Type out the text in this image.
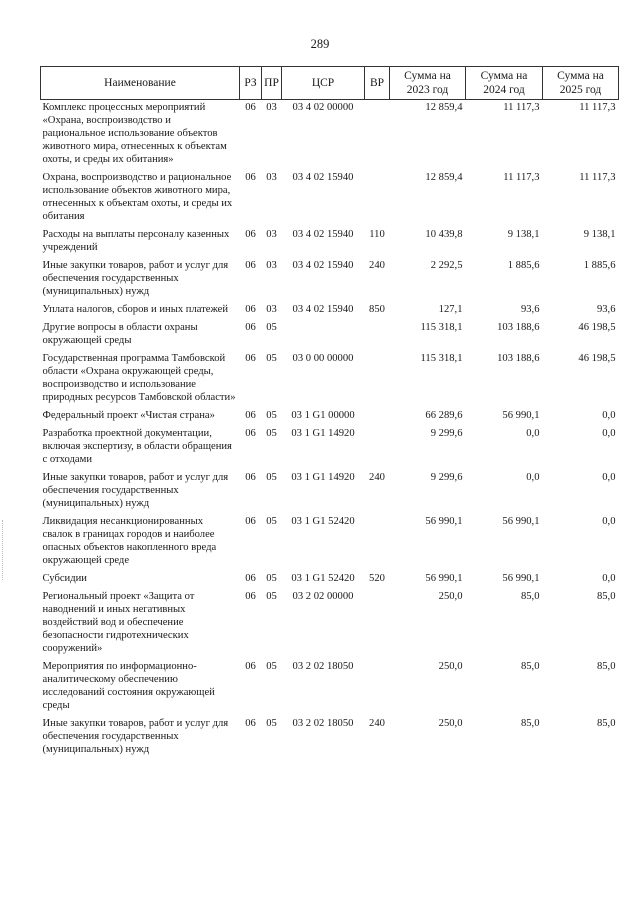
289
Наименование	РЗ	ПР	ЦСР	ВР	Сумма на 2023 год	Сумма на 2024 год	Сумма на 2025 год
Комплекс процессных мероприятий «Охрана, воспроизводство и рациональное использование объектов животного мира, отнесенных к объектам охоты, и среды их обитания»	06	03	03 4 02 00000		12 859,4	11 117,3	11 117,3
Охрана, воспроизводство и рациональное использование объектов животного мира, отнесенных к объектам охоты, и среды их обитания	06	03	03 4 02 15940		12 859,4	11 117,3	11 117,3
Расходы на выплаты персоналу казенных учреждений	06	03	03 4 02 15940	110	10 439,8	9 138,1	9 138,1
Иные закупки товаров, работ и услуг для обеспечения государственных (муниципальных) нужд	06	03	03 4 02 15940	240	2 292,5	1 885,6	1 885,6
Уплата налогов, сборов и иных платежей	06	03	03 4 02 15940	850	127,1	93,6	93,6
Другие вопросы в области охраны окружающей среды	06	05			115 318,1	103 188,6	46 198,5
Государственная программа Тамбовской области «Охрана окружающей среды, воспроизводство и использование природных ресурсов Тамбовской области»	06	05	03 0 00 00000		115 318,1	103 188,6	46 198,5
Федеральный проект «Чистая страна»	06	05	03 1 G1 00000		66 289,6	56 990,1	0,0
Разработка проектной документации, включая экспертизу, в области обращения с отходами	06	05	03 1 G1 14920		9 299,6	0,0	0,0
Иные закупки товаров, работ и услуг для обеспечения государственных (муниципальных) нужд	06	05	03 1 G1 14920	240	9 299,6	0,0	0,0
Ликвидация несанкционированных свалок в границах городов и наиболее опасных объектов накопленного вреда окружающей среде	06	05	03 1 G1 52420		56 990,1	56 990,1	0,0
Субсидии	06	05	03 1 G1 52420	520	56 990,1	56 990,1	0,0
Региональный проект «Защита от наводнений и иных негативных воздействий вод и обеспечение безопасности гидротехнических сооружений»	06	05	03 2 02 00000		250,0	85,0	85,0
Мероприятия по информационно-аналитическому обеспечению исследований состояния окружающей среды	06	05	03 2 02 18050		250,0	85,0	85,0
Иные закупки товаров, работ и услуг для обеспечения государственных (муниципальных) нужд	06	05	03 2 02 18050	240	250,0	85,0	85,0
